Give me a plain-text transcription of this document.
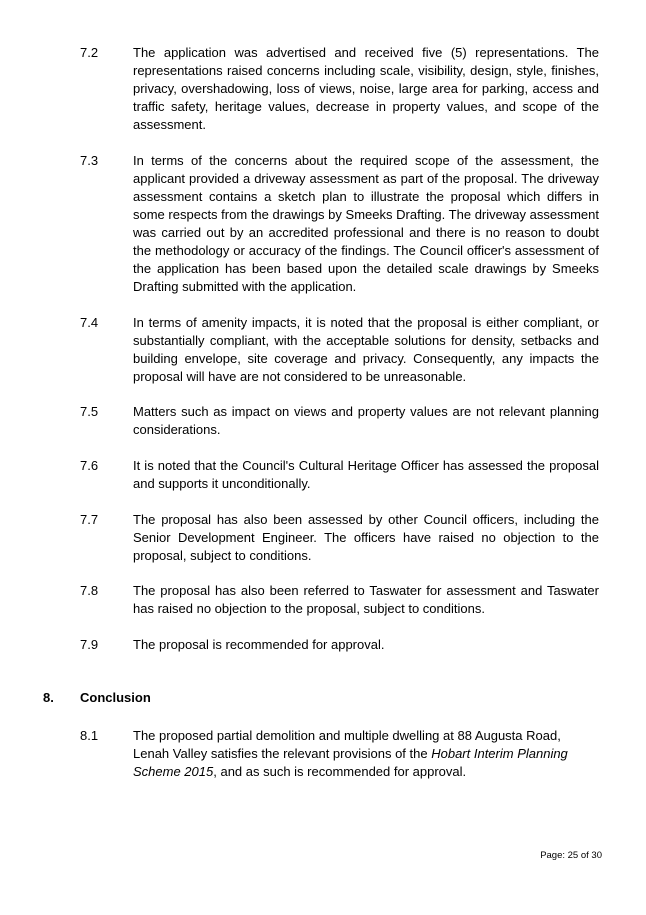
7.2	The application was advertised and received five (5) representations. The representations raised concerns including scale, visibility, design, style, finishes, privacy, overshadowing, loss of views, noise, large area for parking, access and traffic safety, heritage values, decrease in property values, and scope of the assessment.
7.3	In terms of the concerns about the required scope of the assessment, the applicant provided a driveway assessment as part of the proposal. The driveway assessment contains a sketch plan to illustrate the proposal which differs in some respects from the drawings by Smeeks Drafting. The driveway assessment was carried out by an accredited professional and there is no reason to doubt the methodology or accuracy of the findings. The Council officer's assessment of the application has been based upon the detailed scale drawings by Smeeks Drafting submitted with the application.
7.4	In terms of amenity impacts, it is noted that the proposal is either compliant, or substantially compliant, with the acceptable solutions for density, setbacks and building envelope, site coverage and privacy. Consequently, any impacts the proposal will have are not considered to be unreasonable.
7.5	Matters such as impact on views and property values are not relevant planning considerations.
7.6	It is noted that the Council's Cultural Heritage Officer has assessed the proposal and supports it unconditionally.
7.7	The proposal has also been assessed by other Council officers, including the Senior Development Engineer. The officers have raised no objection to the proposal, subject to conditions.
7.8	The proposal has also been referred to Taswater for assessment and Taswater has raised no objection to the proposal, subject to conditions.
7.9	The proposal is recommended for approval.
8. Conclusion
8.1	The proposed partial demolition and multiple dwelling at 88 Augusta Road, Lenah Valley satisfies the relevant provisions of the Hobart Interim Planning Scheme 2015, and as such is recommended for approval.
Page: 25 of 30
